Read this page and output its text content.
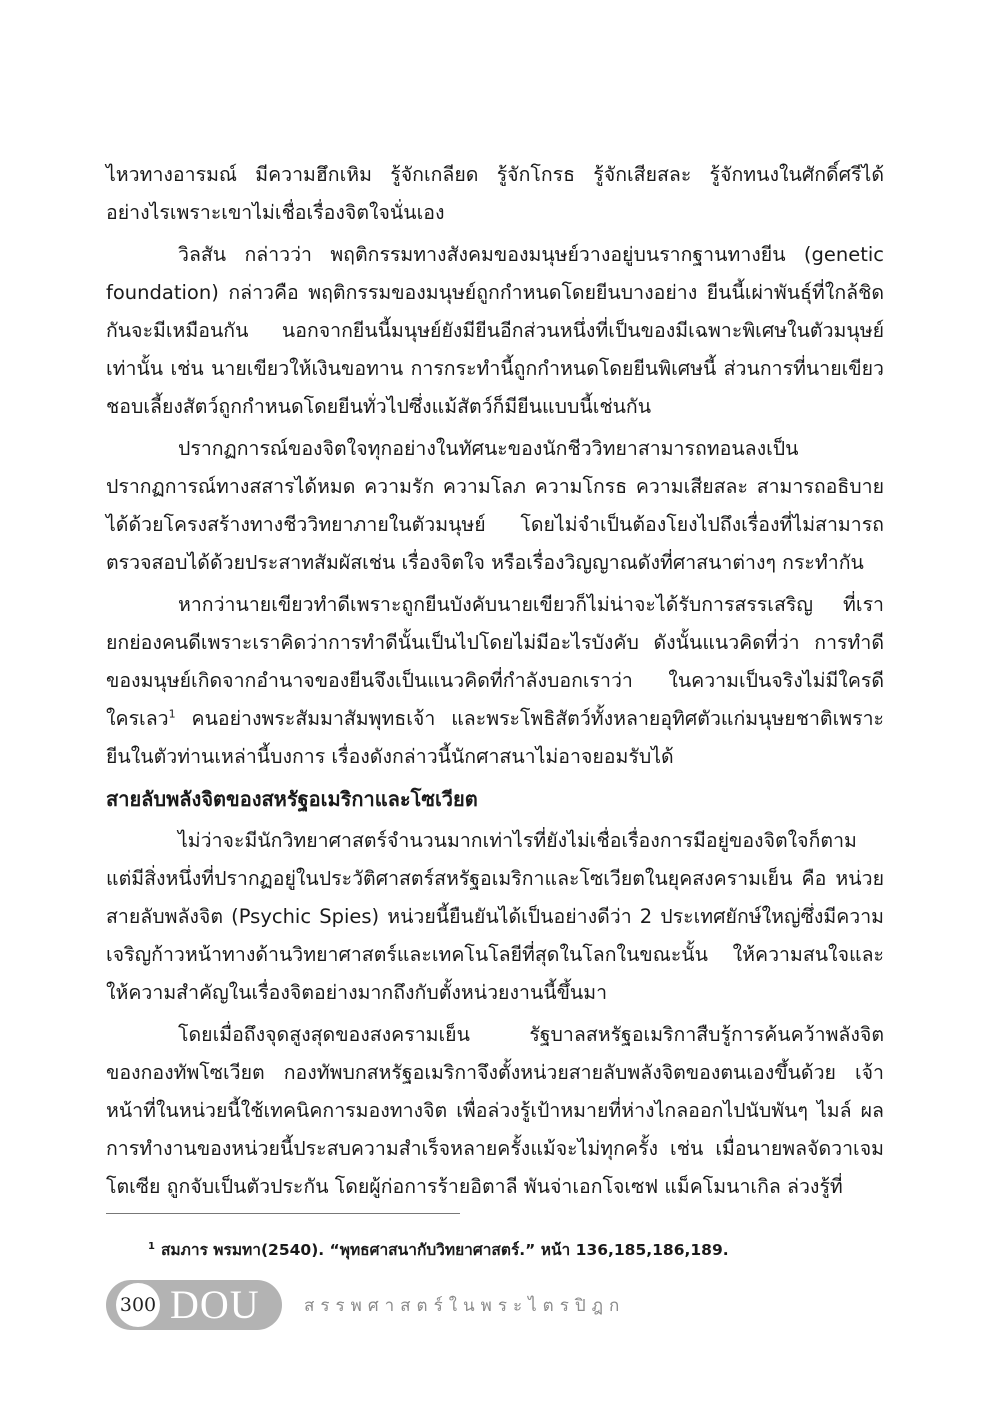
ไหวทางอารมณ์ มีความฮึกเหิม รู้จักเกลียด รู้จักโกรธ รู้จักเสียสละ รู้จักทนงในศักดิ์ศรีได้อย่างไรเพราะเขาไม่เชื่อเรื่องจิตใจนั่นเอง

วิลสัน กล่าวว่า พฤติกรรมทางสังคมของมนุษย์วางอยู่บนรากฐานทางยีน (genetic foundation) กล่าวคือ พฤติกรรมของมนุษย์ถูกกำหนดโดยยีนบางอย่าง ยีนนี้เผ่าพันธุ์ที่ใกล้ชิดกันจะมีเหมือนกัน นอกจากยีนนี้มนุษย์ยังมียีนอีกส่วนหนึ่งที่เป็นของมีเฉพาะพิเศษในตัวมนุษย์เท่านั้น เช่น นายเขียวให้เงินขอทาน การกระทำนี้ถูกกำหนดโดยยีนพิเศษนี้ ส่วนการที่นายเขียวชอบเลี้ยงสัตว์ถูกกำหนดโดยยีนทั่วไปซึ่งแม้สัตว์ก็มียีนแบบนี้เช่นกัน

ปรากฏการณ์ของจิตใจทุกอย่างในทัศนะของนักชีววิทยาสามารถทอนลงเป็นปรากฏการณ์ทางสสารได้หมด ความรัก ความโลภ ความโกรธ ความเสียสละ สามารถอธิบายได้ด้วยโครงสร้างทางชีววิทยาภายในตัวมนุษย์ โดยไม่จำเป็นต้องโยงไปถึงเรื่องที่ไม่สามารถตรวจสอบได้ด้วยประสาทสัมผัสเช่น เรื่องจิตใจ หรือเรื่องวิญญาณดังที่ศาสนาต่างๆ กระทำกัน

หากว่านายเขียวทำดีเพราะถูกยีนบังคับนายเขียวก็ไม่น่าจะได้รับการสรรเสริญ ที่เรายกย่องคนดีเพราะเราคิดว่าการทำดีนั้นเป็นไปโดยไม่มีอะไรบังคับ ดังนั้นแนวคิดที่ว่า การทำดีของมนุษย์เกิดจากอำนาจของยีนจึงเป็นแนวคิดที่กำลังบอกเราว่า ในความเป็นจริงไม่มีใครดีใครเลว$^1$ คนอย่างพระสัมมาสัมพุทธเจ้า และพระโพธิสัตว์ทั้งหลายอุทิศตัวแก่มนุษยชาติเพราะยีนในตัวท่านเหล่านี้บงการ เรื่องดังกล่าวนี้นักศาสนาไม่อาจยอมรับได้

สายลับพลังจิตของสหรัฐอเมริกาและโซเวียต

ไม่ว่าจะมีนักวิทยาศาสตร์จำนวนมากเท่าไรที่ยังไม่เชื่อเรื่องการมีอยู่ของจิตใจก็ตาม แต่มีสิ่งหนึ่งที่ปรากฏอยู่ในประวัติศาสตร์สหรัฐอเมริกาและโซเวียตในยุคสงครามเย็น คือ หน่วยสายลับพลังจิต (Psychic Spies) หน่วยนี้ยืนยันได้เป็นอย่างดีว่า 2 ประเทศยักษ์ใหญ่ซึ่งมีความเจริญก้าวหน้าทางด้านวิทยาศาสตร์และเทคโนโลยีที่สุดในโลกในขณะนั้น ให้ความสนใจและให้ความสำคัญในเรื่องจิตอย่างมากถึงกับตั้งหน่วยงานนี้ขึ้นมา

โดยเมื่อถึงจุดสูงสุดของสงครามเย็น รัฐบาลสหรัฐอเมริกาสืบรู้การค้นคว้าพลังจิตของกองทัพโซเวียต กองทัพบกสหรัฐอเมริกาจึงตั้งหน่วยสายลับพลังจิตของตนเองขึ้นด้วย เจ้าหน้าที่ในหน่วยนี้ใช้เทคนิคการมองทางจิต เพื่อล่วงรู้เป้าหมายที่ห่างไกลออกไปนับพันๆ ไมล์ ผลการทำงานของหน่วยนี้ประสบความสำเร็จหลายครั้งแม้จะไม่ทุกครั้ง เช่น เมื่อนายพลจัดวาเจมโตเซีย ถูกจับเป็นตัวประกัน โดยผู้ก่อการร้ายอิตาลี พันจ่าเอกโจเซฟ แม็คโมนาเกิล ล่วงรู้ที่

$^1$ สมภาร พรมทา(2540). “พุทธศาสนากับวิทยาศาสตร์.” หน้า 136,185,186,189.
300 DOU	สรรพศาสตร์ในพระไตรปิฎก
